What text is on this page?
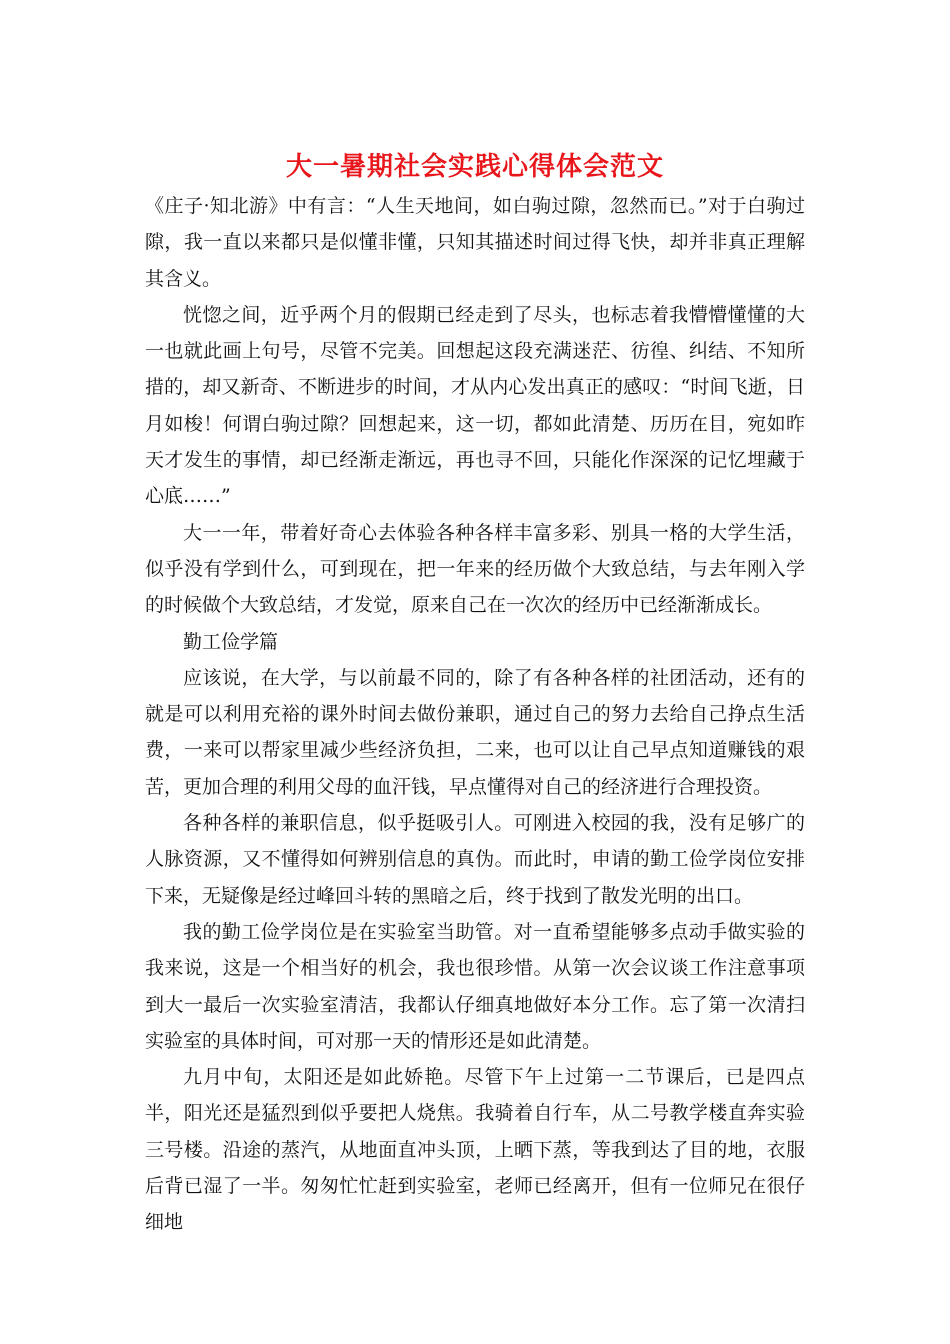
大一暑期社会实践心得体会范文

《庄子·知北游》中有言：“人生天地间，如白驹过隙，忽然而已。”对于白驹过隙，我一直以来都只是似懂非懂，只知其描述时间过得飞快，却并非真正理解其含义。

恍惚之间，近乎两个月的假期已经走到了尽头，也标志着我懵懵懂懂的大一也就此画上句号，尽管不完美。回想起这段充满迷茫、彷徨、纠结、不知所措的，却又新奇、不断进步的时间，才从内心发出真正的感叹：“时间飞逝，日月如梭！何谓白驹过隙？回想起来，这一切，都如此清楚、历历在目，宛如昨天才发生的事情，却已经渐走渐远，再也寻不回，只能化作深深的记忆埋藏于心底……”

大一一年，带着好奇心去体验各种各样丰富多彩、别具一格的大学生活，似乎没有学到什么，可到现在，把一年来的经历做个大致总结，与去年刚入学的时候做个大致总结，才发觉，原来自己在一次次的经历中已经渐渐成长。

勤工俭学篇

应该说，在大学，与以前最不同的，除了有各种各样的社团活动，还有的就是可以利用充裕的课外时间去做份兼职，通过自己的努力去给自己挣点生活费，一来可以帮家里减少些经济负担，二来，也可以让自己早点知道赚钱的艰苦，更加合理的利用父母的血汗钱，早点懂得对自己的经济进行合理投资。

各种各样的兼职信息，似乎挺吸引人。可刚进入校园的我，没有足够广的人脉资源，又不懂得如何辨别信息的真伪。而此时，申请的勤工俭学岗位安排下来，无疑像是经过峰回斗转的黑暗之后，终于找到了散发光明的出口。

我的勤工俭学岗位是在实验室当助管。对一直希望能够多点动手做实验的我来说，这是一个相当好的机会，我也很珍惜。从第一次会议谈工作注意事项到大一最后一次实验室清洁，我都认仔细真地做好本分工作。忘了第一次清扫实验室的具体时间，可对那一天的情形还是如此清楚。

九月中旬，太阳还是如此娇艳。尽管下午上过第一二节课后，已是四点半，阳光还是猛烈到似乎要把人烧焦。我骑着自行车，从二号教学楼直奔实验三号楼。沿途的蒸汽，从地面直冲头顶，上晒下蒸，等我到达了目的地，衣服后背已湿了一半。匆匆忙忙赶到实验室，老师已经离开，但有一位师兄在很仔细地
